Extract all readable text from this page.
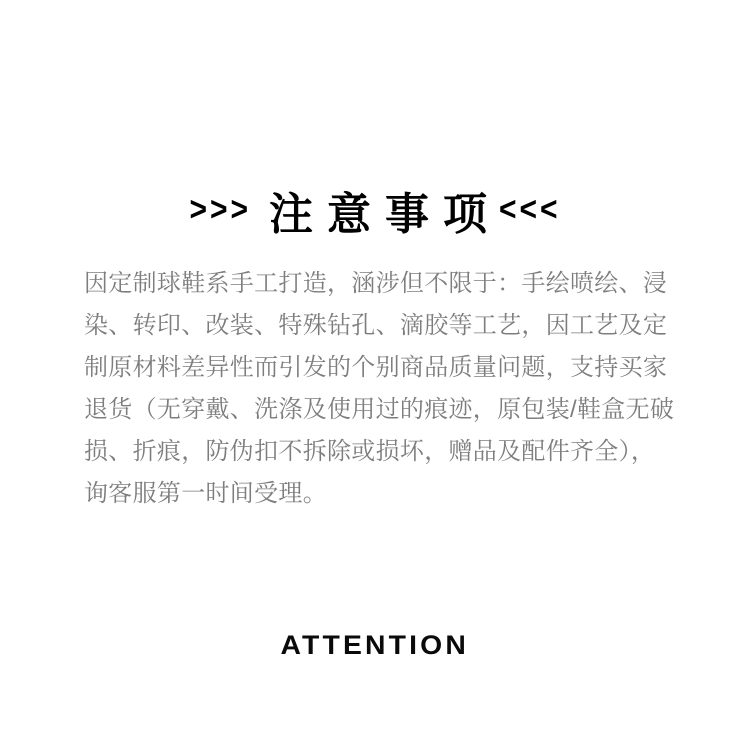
>>> 注意事项<<<
因定制球鞋系手工打造，涵涉但不限于：手绘喷绘、浸
染、转印、改装、特殊钻孔、滴胶等工艺，因工艺及定
制原材料差异性而引发的个别商品质量问题，支持买家
退货（无穿戴、洗涤及使用过的痕迹，原包装/鞋盒无破
损、折痕，防伪扣不拆除或损坏，赠品及配件齐全），
询客服第一时间受理。
ATTENTION
